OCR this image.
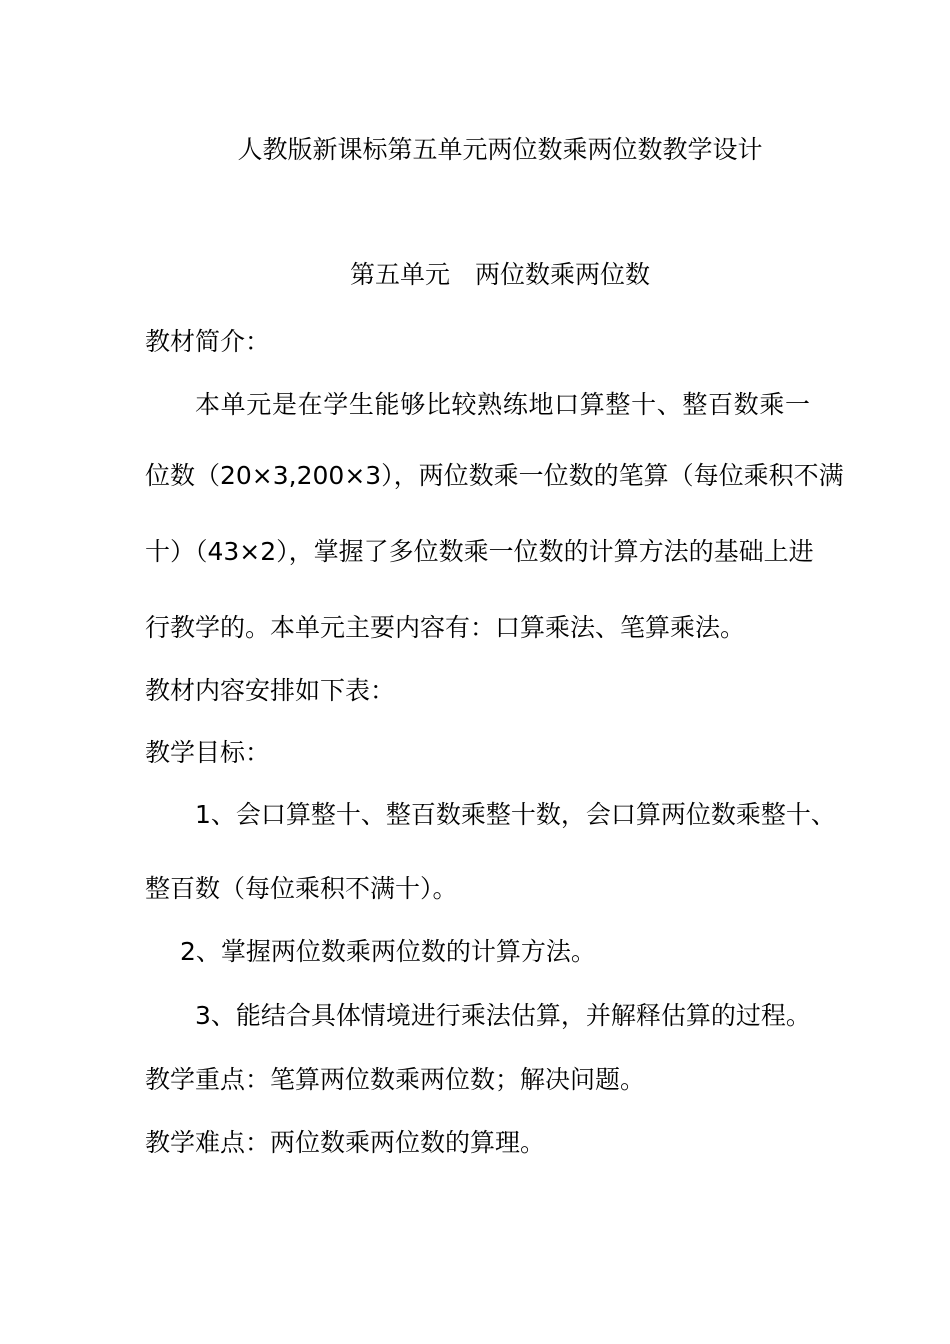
人教版新课标第五单元两位数乘两位数教学设计

第五单元　两位数乘两位数

教材简介：

本单元是在学生能够比较熟练地口算整十、整百数乘一

位数（20×3,200×3），两位数乘一位数的笔算（每位乘积不满

十）（43×2），掌握了多位数乘一位数的计算方法的基础上进

行教学的。本单元主要内容有：口算乘法、笔算乘法。

教材内容安排如下表：

教学目标：

1、会口算整十、整百数乘整十数，会口算两位数乘整十、

整百数（每位乘积不满十）。

2、掌握两位数乘两位数的计算方法。

3、能结合具体情境进行乘法估算，并解释估算的过程。

教学重点：笔算两位数乘两位数；解决问题。

教学难点：两位数乘两位数的算理。
